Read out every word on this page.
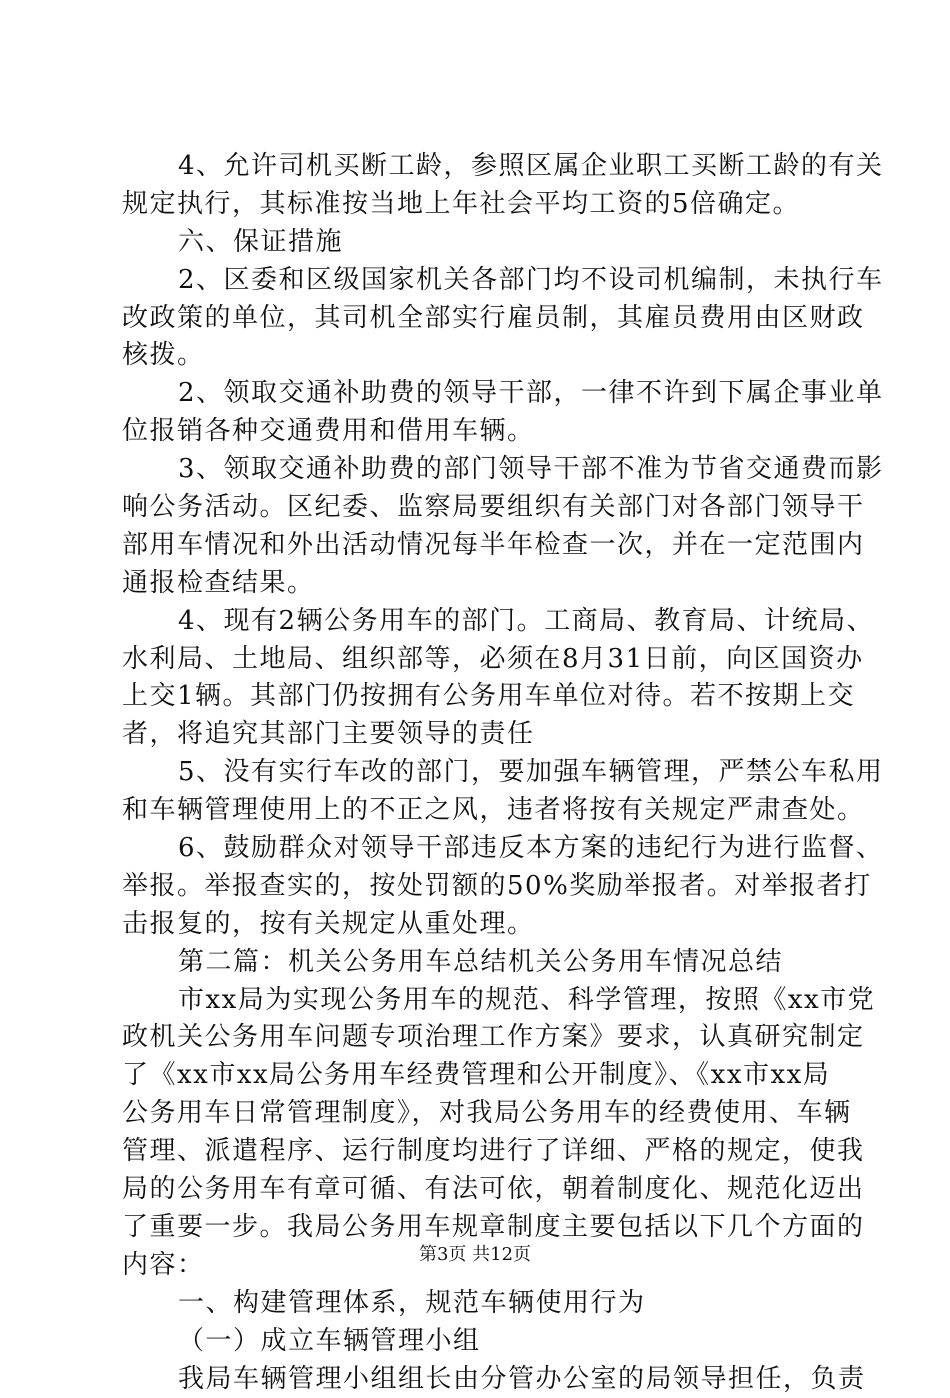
4、允许司机买断工龄，参照区属企业职工买断工龄的有关
规定执行，其标准按当地上年社会平均工资的5倍确定。
六、保证措施
2、区委和区级国家机关各部门均不设司机编制，未执行车
改政策的单位，其司机全部实行雇员制，其雇员费用由区财政
核拨。
2、领取交通补助费的领导干部，一律不许到下属企事业单
位报销各种交通费用和借用车辆。
3、领取交通补助费的部门领导干部不准为节省交通费而影
响公务活动。区纪委、监察局要组织有关部门对各部门领导干
部用车情况和外出活动情况每半年检查一次，并在一定范围内
通报检查结果。
4、现有2辆公务用车的部门。工商局、教育局、计统局、
水利局、土地局、组织部等，必须在8月31日前，向区国资办
上交1辆。其部门仍按拥有公务用车单位对待。若不按期上交
者，将追究其部门主要领导的责任
5、没有实行车改的部门，要加强车辆管理，严禁公车私用
和车辆管理使用上的不正之风，违者将按有关规定严肃查处。
6、鼓励群众对领导干部违反本方案的违纪行为进行监督、
举报。举报查实的，按处罚额的50%奖励举报者。对举报者打
击报复的，按有关规定从重处理。
第二篇：机关公务用车总结机关公务用车情况总结
市xx局为实现公务用车的规范、科学管理，按照《xx市党
政机关公务用车问题专项治理工作方案》要求，认真研究制定
了《xx市xx局公务用车经费管理和公开制度》、《xx市xx局
公务用车日常管理制度》，对我局公务用车的经费使用、车辆
管理、派遣程序、运行制度均进行了详细、严格的规定，使我
局的公务用车有章可循、有法可依，朝着制度化、规范化迈出
了重要一步。我局公务用车规章制度主要包括以下几个方面的
内容：
一、构建管理体系，规范车辆使用行为
（一）成立车辆管理小组
我局车辆管理小组组长由分管办公室的局领导担任，负责
第3页 共12页
